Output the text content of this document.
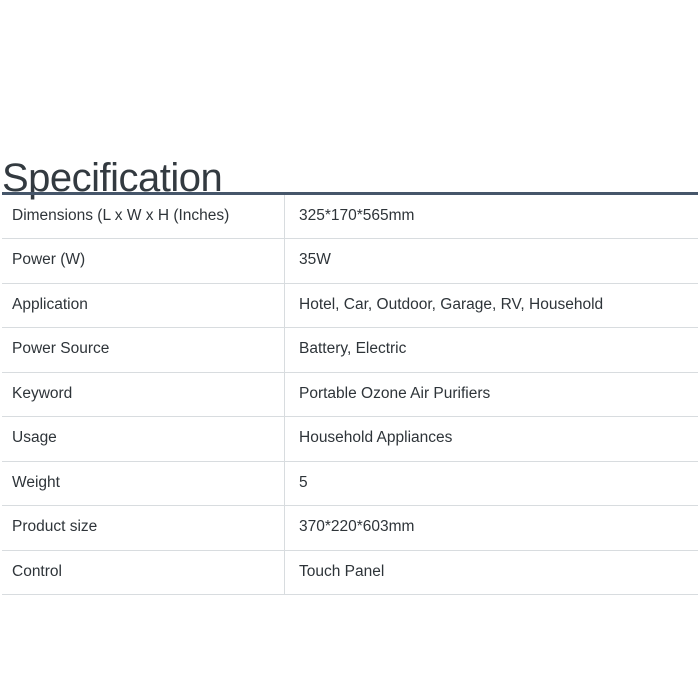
Specification
Dimensions (L x W x H (Inches)	325*170*565mm
Power (W)	35W
Application	Hotel, Car, Outdoor, Garage, RV, Household
Power Source	Battery, Electric
Keyword	Portable Ozone Air Purifiers
Usage	Household Appliances
Weight	5
Product size	370*220*603mm
Control	Touch Panel
